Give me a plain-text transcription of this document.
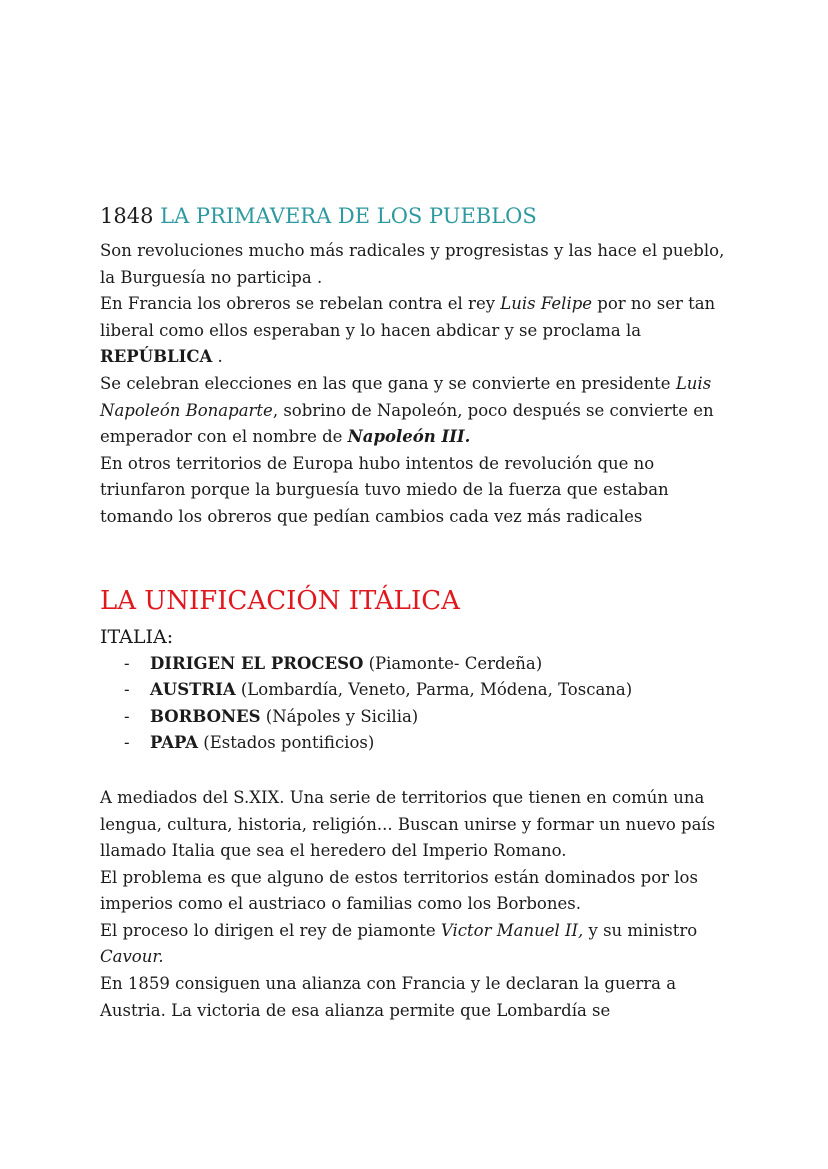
1848 LA PRIMAVERA DE LOS PUEBLOS

Son revoluciones mucho más radicales y progresistas y las hace el pueblo, la Burguesía no participa .

En Francia los obreros se rebelan contra el rey Luis Felipe por no ser tan liberal como ellos esperaban y lo hacen abdicar y se proclama la REPÚBLICA .

Se celebran elecciones en las que gana y se convierte en presidente Luis Napoleón Bonaparte, sobrino de Napoleón, poco después se convierte en emperador con el nombre de Napoleón III.

En otros territorios de Europa hubo intentos de revolución que no triunfaron porque la burguesía tuvo miedo de la fuerza que estaban tomando los obreros que pedían cambios cada vez más radicales

LA UNIFICACIÓN ITÁLICA

ITALIA:

- DIRIGEN EL PROCESO (Piamonte- Cerdeña)
- AUSTRIA (Lombardía, Veneto, Parma, Módena, Toscana)
- BORBONES (Nápoles y Sicilia)
- PAPA (Estados pontificios)

A mediados del S.XIX. Una serie de territorios que tienen en común una lengua, cultura, historia, religión... Buscan unirse y formar un nuevo país llamado Italia que sea el heredero del Imperio Romano.

El problema es que alguno de estos territorios están dominados por los imperios como el austriaco o familias como los Borbones.

El proceso lo dirigen el rey de piamonte Victor Manuel II, y su ministro Cavour.

En 1859 consiguen una alianza con Francia y le declaran la guerra a Austria. La victoria de esa alianza permite que Lombardía se
